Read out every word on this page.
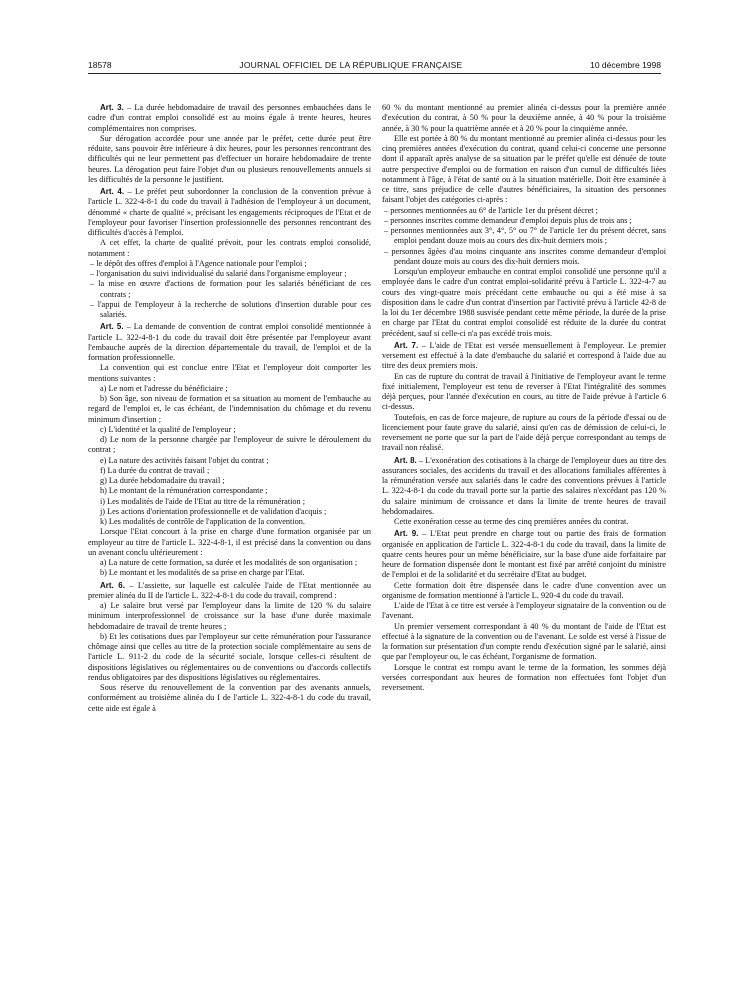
18578	JOURNAL OFFICIEL DE LA RÉPUBLIQUE FRANÇAISE	10 décembre 1998

Art. 3. – La durée hebdomadaire de travail des personnes embauchées dans le cadre d'un contrat emploi consolidé est au moins égale à trente heures, heures complémentaires non comprises.

Sur dérogation accordée pour une année par le préfet, cette durée peut être réduite, sans pouvoir être inférieure à dix heures, pour les personnes rencontrant des difficultés qui ne leur permettent pas d'effectuer un horaire hebdomadaire de trente heures. La dérogation peut faire l'objet d'un ou plusieurs renouvellements annuels si les difficultés de la personne le justifient.

Art. 4. – Le préfet peut subordonner la conclusion de la convention prévue à l'article L. 322-4-8-1 du code du travail à l'adhésion de l'employeur à un document, dénommé « charte de qualité », précisant les engagements réciproques de l'Etat et de l'employeur pour favoriser l'insertion professionnelle des personnes rencontrant des difficultés d'accès à l'emploi.

A cet effet, la charte de qualité prévoit, pour les contrats emploi consolidé, notamment :

– le dépôt des offres d'emploi à l'Agence nationale pour l'emploi ;
– l'organisation du suivi individualisé du salarié dans l'organisme employeur ;
– la mise en œuvre d'actions de formation pour les salariés bénéficiant de ces contrats ;
– l'appui de l'employeur à la recherche de solutions d'insertion durable pour ces salariés.

Art. 5. – La demande de convention de contrat emploi consolidé mentionnée à l'article L. 322-4-8-1 du code du travail doit être présentée par l'employeur avant l'embauche auprès de la direction départementale du travail, de l'emploi et de la formation professionnelle.

La convention qui est conclue entre l'Etat et l'employeur doit comporter les mentions suivantes :

a) Le nom et l'adresse du bénéficiaire ;

b) Son âge, son niveau de formation et sa situation au moment de l'embauche au regard de l'emploi et, le cas échéant, de l'indemnisation du chômage et du revenu minimum d'insertion ;

c) L'identité et la qualité de l'employeur ;

d) Le nom de la personne chargée par l'employeur de suivre le déroulement du contrat ;

e) La nature des activités faisant l'objet du contrat ;

f) La durée du contrat de travail ;

g) La durée hebdomadaire du travail ;

h) Le montant de la rémunération correspondante ;

i) Les modalités de l'aide de l'Etat au titre de la rémunération ;

j) Les actions d'orientation professionnelle et de validation d'acquis ;

k) Les modalités de contrôle de l'application de la convention.

Lorsque l'Etat concourt à la prise en charge d'une formation organisée par un employeur au titre de l'article L. 322-4-8-1, il est précisé dans la convention ou dans un avenant conclu ultérieurement :

a) La nature de cette formation, sa durée et les modalités de son organisation ;

b) Le montant et les modalités de sa prise en charge par l'Etat.

Art. 6. – L'assiette, sur laquelle est calculée l'aide de l'Etat mentionnée au premier alinéa du II de l'article L. 322-4-8-1 du code du travail, comprend :

a) Le salaire brut versé par l'employeur dans la limite de 120 % du salaire minimum interprofessionnel de croissance sur la base d'une durée maximale hebdomadaire de travail de trente heures ;

b) Et les cotisations dues par l'employeur sur cette rémunération pour l'assurance chômage ainsi que celles au titre de la protection sociale complémentaire au sens de l'article L. 911-2 du code de la sécurité sociale, lorsque celles-ci résultent de dispositions législatives ou réglementaires ou de conventions ou d'accords collectifs rendus obligatoires par des dispositions législatives ou réglementaires.

Sous réserve du renouvellement de la convention par des avenants annuels, conformément au troisième alinéa du I de l'article L. 322-4-8-1 du code du travail, cette aide est égale à

60 % du montant mentionné au premier alinéa ci-dessus pour la première année d'exécution du contrat, à 50 % pour la deuxième année, à 40 % pour la troisième année, à 30 % pour la quatrième année et à 20 % pour la cinquième année.

Elle est portée à 80 % du montant mentionné au premier alinéa ci-dessus pour les cinq premières années d'exécution du contrat, quand celui-ci concerne une personne dont il apparaît après analyse de sa situation par le préfet qu'elle est dénuée de toute autre perspective d'emploi ou de formation en raison d'un cumul de difficultés liées notamment à l'âge, à l'état de santé ou à la situation matérielle. Doit être examinée à ce titre, sans préjudice de celle d'autres bénéficiaires, la situation des personnes faisant l'objet des catégories ci-après :

– personnes mentionnées au 6° de l'article 1er du présent décret ;
– personnes inscrites comme demandeur d'emploi depuis plus de trois ans ;
– personnes mentionnées aux 3°, 4°, 5° ou 7° de l'article 1er du présent décret, sans emploi pendant douze mois au cours des dix-huit derniers mois ;
– personnes âgées d'au moins cinquante ans inscrites comme demandeur d'emploi pendant douze mois au cours des dix-huit derniers mois.

Lorsqu'un employeur embauche en contrat emploi consolidé une personne qu'il a employée dans le cadre d'un contrat emploi-solidarité prévu à l'article L. 322-4-7 au cours des vingt-quatre mois précédant cette embauche ou qui a été mise à sa disposition dans le cadre d'un contrat d'insertion par l'activité prévu à l'article 42-8 de la loi du 1er décembre 1988 susvisée pendant cette même période, la durée de la prise en charge par l'Etat du contrat emploi consolidé est réduite de la durée du contrat précédent, sauf si celle-ci n'a pas excédé trois mois.

Art. 7. – L'aide de l'Etat est versée mensuellement à l'employeur. Le premier versement est effectué à la date d'embauche du salarié et correspond à l'aide due au titre des deux premiers mois.

En cas de rupture du contrat de travail à l'initiative de l'employeur avant le terme fixé initialement, l'employeur est tenu de reverser à l'Etat l'intégralité des sommes déjà perçues, pour l'année d'exécution en cours, au titre de l'aide prévue à l'article 6 ci-dessus.

Toutefois, en cas de force majeure, de rupture au cours de la période d'essai ou de licenciement pour faute grave du salarié, ainsi qu'en cas de démission de celui-ci, le reversement ne porte que sur la part de l'aide déjà perçue correspondant au temps de travail non réalisé.

Art. 8. – L'exonération des cotisations à la charge de l'employeur dues au titre des assurances sociales, des accidents du travail et des allocations familiales afférentes à la rémunération versée aux salariés dans le cadre des conventions prévues à l'article L. 322-4-8-1 du code du travail porte sur la partie des salaires n'excédant pas 120 % du salaire minimum de croissance et dans la limite de trente heures de travail hebdomadaires.

Cette exonération cesse au terme des cinq premières années du contrat.

Art. 9. – L'Etat peut prendre en charge tout ou partie des frais de formation organisée en application de l'article L. 322-4-8-1 du code du travail, dans la limite de quatre cents heures pour un même bénéficiaire, sur la base d'une aide forfaitaire par heure de formation dispensée dont le montant est fixé par arrêté conjoint du ministre de l'emploi et de la solidarité et du secrétaire d'Etat au budget.

Cette formation doit être dispensée dans le cadre d'une convention avec un organisme de formation mentionné à l'article L. 920-4 du code du travail.

L'aide de l'Etat à ce titre est versée à l'employeur signataire de la convention ou de l'avenant.

Un premier versement correspondant à 40 % du montant de l'aide de l'Etat est effectué à la signature de la convention ou de l'avenant. Le solde est versé à l'issue de la formation sur présentation d'un compte rendu d'exécution signé par le salarié, ainsi que par l'employeur ou, le cas échéant, l'organisme de formation.

Lorsque le contrat est rompu avant le terme de la formation, les sommes déjà versées correspondant aux heures de formation non effectuées font l'objet d'un reversement.
